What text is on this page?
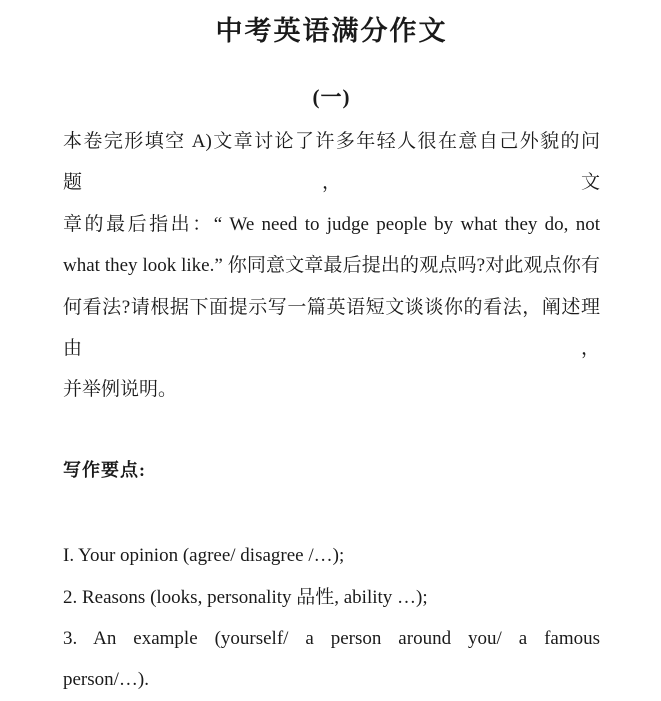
中考英语满分作文
(一)
本卷完形填空 A)文章讨论了许多年轻人很在意自己外貌的问题，文
章的最后指出：“ We need to judge people by what they do, not
what they look like.” 你同意文章最后提出的观点吗?对此观点你有
何看法?请根据下面提示写一篇英语短文谈谈你的看法，阐述理由，
并举例说明。
写作要点:
I. Your opinion (agree/ disagree /…);
2. Reasons (looks, personality 品性, ability …);
3. An example (yourself/ a person around you/ a famous
person/…).
